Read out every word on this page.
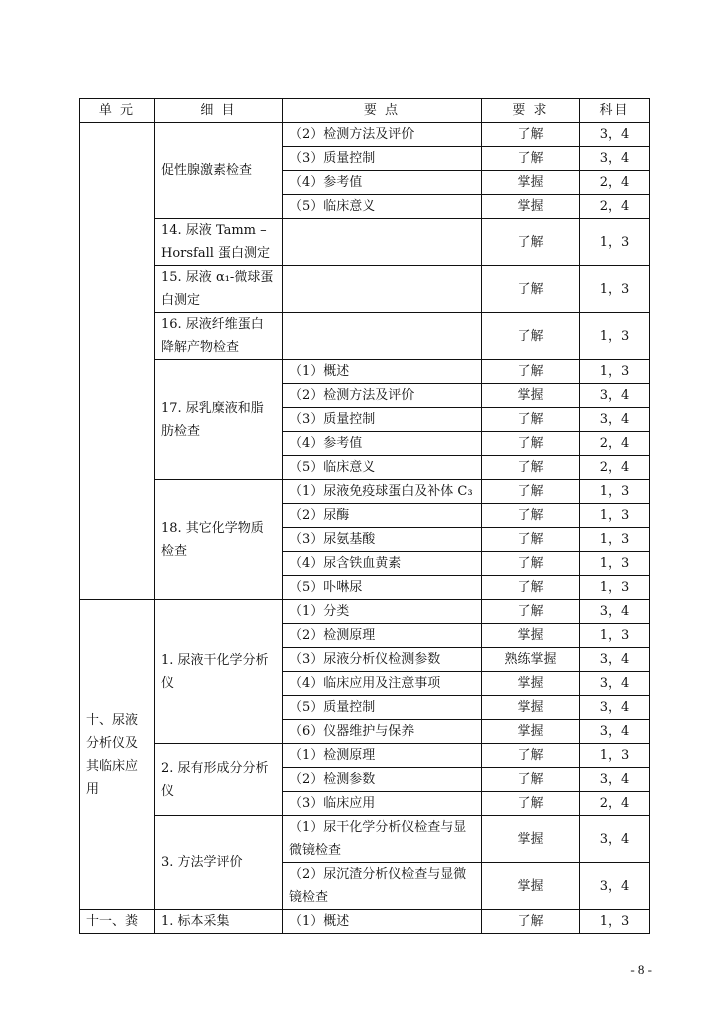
单 元	细 目	要 点	要 求	科目
	促性腺激素检查	（2）检测方法及评价	了解	3，4
		（3）质量控制	了解	3，4
		（4）参考值	掌握	2，4
		（5）临床意义	掌握	2，4
	14. 尿液 Tamm – Horsfall 蛋白测定		了解	1，3
	15. 尿液 α₁-微球蛋白测定		了解	1，3
	16. 尿液纤维蛋白降解产物检查		了解	1，3
	17. 尿乳糜液和脂肪检查	（1）概述	了解	1，3
		（2）检测方法及评价	掌握	3，4
		（3）质量控制	了解	3，4
		（4）参考值	了解	2，4
		（5）临床意义	了解	2，4
	18. 其它化学物质检查	（1）尿液免疫球蛋白及补体 C₃	了解	1，3
		（2）尿酶	了解	1，3
		（3）尿氨基酸	了解	1，3
		（4）尿含铁血黄素	了解	1，3
		（5）卟啉尿	了解	1，3
十、尿液分析仪及其临床应用	1. 尿液干化学分析仪	（1）分类	了解	3，4
		（2）检测原理	掌握	1，3
		（3）尿液分析仪检测参数	熟练掌握	3，4
		（4）临床应用及注意事项	掌握	3，4
		（5）质量控制	掌握	3，4
		（6）仪器维护与保养	掌握	3，4
	2. 尿有形成分分析仪	（1）检测原理	了解	1，3
		（2）检测参数	了解	3，4
		（3）临床应用	了解	2，4
	3. 方法学评价	（1）尿干化学分析仪检查与显微镜检查	掌握	3，4
		（2）尿沉渣分析仪检查与显微镜检查	掌握	3，4
十一、粪	1. 标本采集	（1）概述	了解	1，3
- 8 -
